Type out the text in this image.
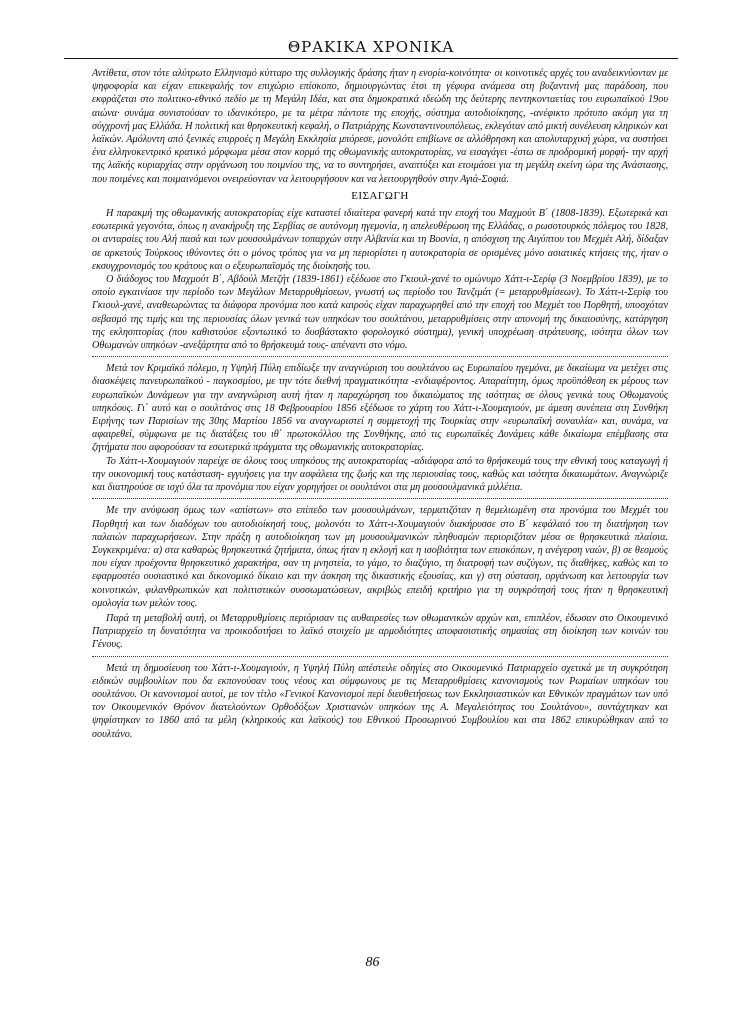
ΘΡΑΚΙΚΑ ΧΡΟΝΙΚΑ

Αντίθετα, στον τότε αλύτρωτο Ελληνισμό κύτταρο της συλλογικής δράσης ήταν η ενορία-κοινότητα· οι κοινοτικές αρχές του αναδεικνύονταν με ψηφοφορία και είχαν επικεφαλής τον επιχώριο επίσκοπο, δημιουργώντας έτσι τη γέφυρα ανάμεσα στη βυζαντινή μας παράδοση, που εκφράζεται στο πολιτικο-εθνικό πεδίο με τη Μεγάλη Ιδέα, και στα δημοκρατικά ιδεώδη της δεύτερης πεντηκονταετίας του ευρωπαϊκού 19ου αιώνα· συνάμα συνιστούσαν το ιδανικότερο, με τα μέτρα πάντοτε της εποχής, σύστημα αυτοδιοίκησης, -ανέφικτο πρότυπο ακόμη για τη σύγχρονή μας Ελλάδα. Η πολιτική και θρησκευτική κεφαλή, ο Πατριάρχης Κωνσταντινουπόλεως, εκλεγόταν από μικτή συνέλευση κληρικών και λαϊκών. Αμόλυντη από ξενικές επιρροές η Μεγάλη Εκκλησία μπόρεσε, μονολότι επιβίωνε σε αλλόθρησκη και απολυταρχική χώρα, να συστήσει ένα ελληνοκεντρικό κρατικό μόρφωμα μέσα στον κορμό της οθωμανικής αυτοκρατορίας, να εισαγάγει -έστω σε προδρομική μορφή- την αρχή της λαϊκής κυριαρχίας στην οργάνωση του ποιμνίου της, να το συντηρήσει, αναπτύξει και ετοιμάσει για τη μεγάλη εκείνη ώρα της Ανάστασης, που ποιμένες και ποιμαινόμενοι ονειρεύονταν να λειτουργήσουν και να λειτουργηθούν στην Αγιά-Σοφιά.

ΕΙΣΑΓΩΓΗ

Η παρακμή της οθωμανικής αυτοκρατορίας είχε καταστεί ιδιαίτερα φανερή κατά την εποχή του Μαχμούτ Β΄ (1808-1839). Εξωτερικά και εσωτερικά γεγονότα, όπως η ανακήρυξη της Σερβίας σε αυτόνομη ηγεμονία, η απελευθέρωση της Ελλάδας, ο ρωσοτουρκός πόλεμος του 1828, οι ανταρσίες του Αλή πασά και των μουσουλμάνων τοπαρχών στην Αλβανία και τη Βοσνία, η απόσχιση της Αιγύπτου του Μεχμέτ Αλή, δίδαξαν σε αρκετούς Τούρκους ιθύνοντες ότι ο μόνος τρόπος για να μη περιορίστει η αυτοκρατορία σε ορισμένες μόνο ασιατικές κτήσεις της, ήταν ο εκσυγχρονισμός του κράτους και ο εξευρωπαϊσμός της διοίκησής του.

Ο διάδοχος του Μαχμούτ Β΄, Αβδούλ Μετζήτ (1839-1861) εξέδωσε στο Γκιουλ-χανέ το ομώνυμο Χάττ-ι-Σερίφ (3 Νοεμβρίου 1839), με το οποίο εγκαινίασε την περίοδο των Μεγάλων Μεταρρυθμίσεων, γνωστή ως περίοδο του Τανζιμάτ (= μεταρρυθμίσεων). Το Χάττ-ι-Σερίφ του Γκιουλ-χανέ, αναθεωρώντας τα διάφορα προνόμια που κατά καιρούς είχαν παραχωρηθεί από την εποχή του Μεχμέτ του Πορθητή, υποσχόταν σεβασμό της τιμής και της περιουσίας όλων γενικά των υπηκόων του σουλτάνου, μεταρρυθμίσεις στην απονομή της δικαιοσύνης, κατάργηση της εκλησπτορίας (που καθιστούσε εξοντωτικό το δυσβάστακτο φορολογικό σύστημα), γενική υποχρέωση στράτευσης, ισότητα όλων των Οθωμανών υπηκόων -ανεξάρτητα από το θρήσκευμά τους- απέναντι στο νόμο.

Μετά τον Κριμαϊκό πόλεμο, η Υψηλή Πύλη επιδίωξε την αναγνώριση του σουλτάνου ως Ευρωπαίου ηγεμόνα, με δικαίωμα να μετέχει στις διασκέψεις πανευρωπαϊκού - παγκοσμίου, με την τότε διεθνή πραγματικότητα -ενδιαφέροντος. Απαραίτητη, όμως προϋπόθεση εκ μέρους των ευρωπαϊκών Δυνάμεων για την αναγνώριση αυτή ήταν η παραχώρηση του δικαιώματος της ισότητας σε όλους γενικά τους Οθωμανούς υπηκόους. Γι΄ αυτό και ο σουλτάνος στις 18 Φεβρουαρίου 1856 εξέδωσε το χάρτη του Χάττ-ι-Χουμαγιούν, με άμεση συνέπεια στη Συνθήκη Ειρήνης των Παρισίων της 30ης Μαρτίου 1856 να αναγνωριστεί η συμμετοχή της Τουρκίας στην «ευρωπαϊκή συναυλία» και, συνάμα, να αφαιρεθεί, σύμφωνα με τις διατάξεις του ιθ΄ πρωτοκόλλου της Συνθήκης, από τις ευρωπαϊκές Δυνάμεις κάθε δικαίωμα επέμβασης στα ζητήματα που αφορούσαν τα εσωτερικά πράγματα της οθωμανικής αυτοκρατορίας.

Το Χάττ-ι-Χουμαγιούν παρείχε σε όλους τους υπηκόους της αυτοκρατορίας -αδιάφορα από το θρήσκευμά τους την εθνική τους καταγωγή ή την οικονομική τους κατάσταση- εγγυήσεις για την ασφάλεια της ζωής και της περιουσίας τους, καθώς και ισότητα δικαιωμάτων. Αναγνώριζε και διατηρούσε σε ισχύ όλα τα προνόμια που είχαν χορηγήσει οι σουλτάνοι στα μη μουσουλμανικά μιλλέτια.

Με την ανύψωση όμως των «απίστων» στο επίπεδο των μουσουλμάνων, τερματιζόταν η θεμελιωμένη στα προνόμια του Μεχμέτ του Πορθητή και των διαδόχων του αυτοδιοίκησή τους, μολονότι το Χάττ-ι-Χουμαγιούν διακήρυσσε στο Β΄ κεφάλαιό του τη διατήρηση των παλαιών παραχωρήσεων. Στην πράξη η αυτοδιοίκηση των μη μουσουλμανικών πληθυσμών περιοριζόταν μέσα σε θρησκευτικά πλαίσια. Συγκεκριμένα: α) στα καθαρώς θρησκευτικά ζητήματα, όπως ήταν η εκλογή και η ισοβιότητα των επισκόπων, η ανέγερση ναών, β) σε θεσμούς που είχαν προέχοντα θρησκευτικό χαρακτήρα, σαν τη μνηστεία, το γάμο, το διαζύγιο, τη διατροφή των συζύγων, τις διαθήκες, καθώς και το εφαρμοστέο ουσιαστικό και δικονομικό δίκαιο και την άσκηση της δικαστικής εξουσίας, και γ) στη σύσταση, οργάνωση και λειτουργία των κοινοτικών, φιλανθρωπικών και πολιτιστικών συσσωματώσεων, ακριβώς επειδή κριτήριο για τη συγκρότησή τους ήταν η θρησκευτική ομολογία των μελών τους.

Παρά τη μεταβολή αυτή, οι Μεταρρυθμίσεις περιόρισαν τις αυθαιρεσίες των οθωμανικών αρχών και, επιπλέον, έδωσαν στο Οικουμενικό Πατριαρχείο τη δυνατότητα να προικοδοτήσει το λαϊκό στοιχείο με αρμοδιότητες αποφασιστικής σημασίας στη διοίκηση των κοινών του Γένους.

Μετά τη δημοσίευση του Χάττ-ι-Χουμαγιούν, η Υψηλή Πύλη απέστειλε οδηγίες στο Οικουμενικό Πατριαρχείο σχετικά με τη συγκρότηση ειδικών συμβουλίων που δα εκπονούσαν τους νέους και σύμφωνους με τις Μεταρρυθμίσεις κανονισμούς των Ρωμαίων υπηκόων του σουλτάνου. Οι κανονισμοί αυτοί, με τον τίτλο «Γενικοί Κανονισμοί περί διευθετήσεως των Εκκλησιαστικών και Εθνικών πραγμάτων των υπό τον Οικουμενικόν Θρόνον διατελούντων Ορθοδόξων Χριστιανών υπηκόων της Α. Μεγαλειότητος του Σουλτάνου», συντάχτηκαν και ψηφίστηκαν το 1860 από τα μέλη (κληρικούς και λαϊκούς) του Εθνικού Προσωρινού Συμβουλίου και στα 1862 επικυρώθηκαν από το σουλτάνο.

86
